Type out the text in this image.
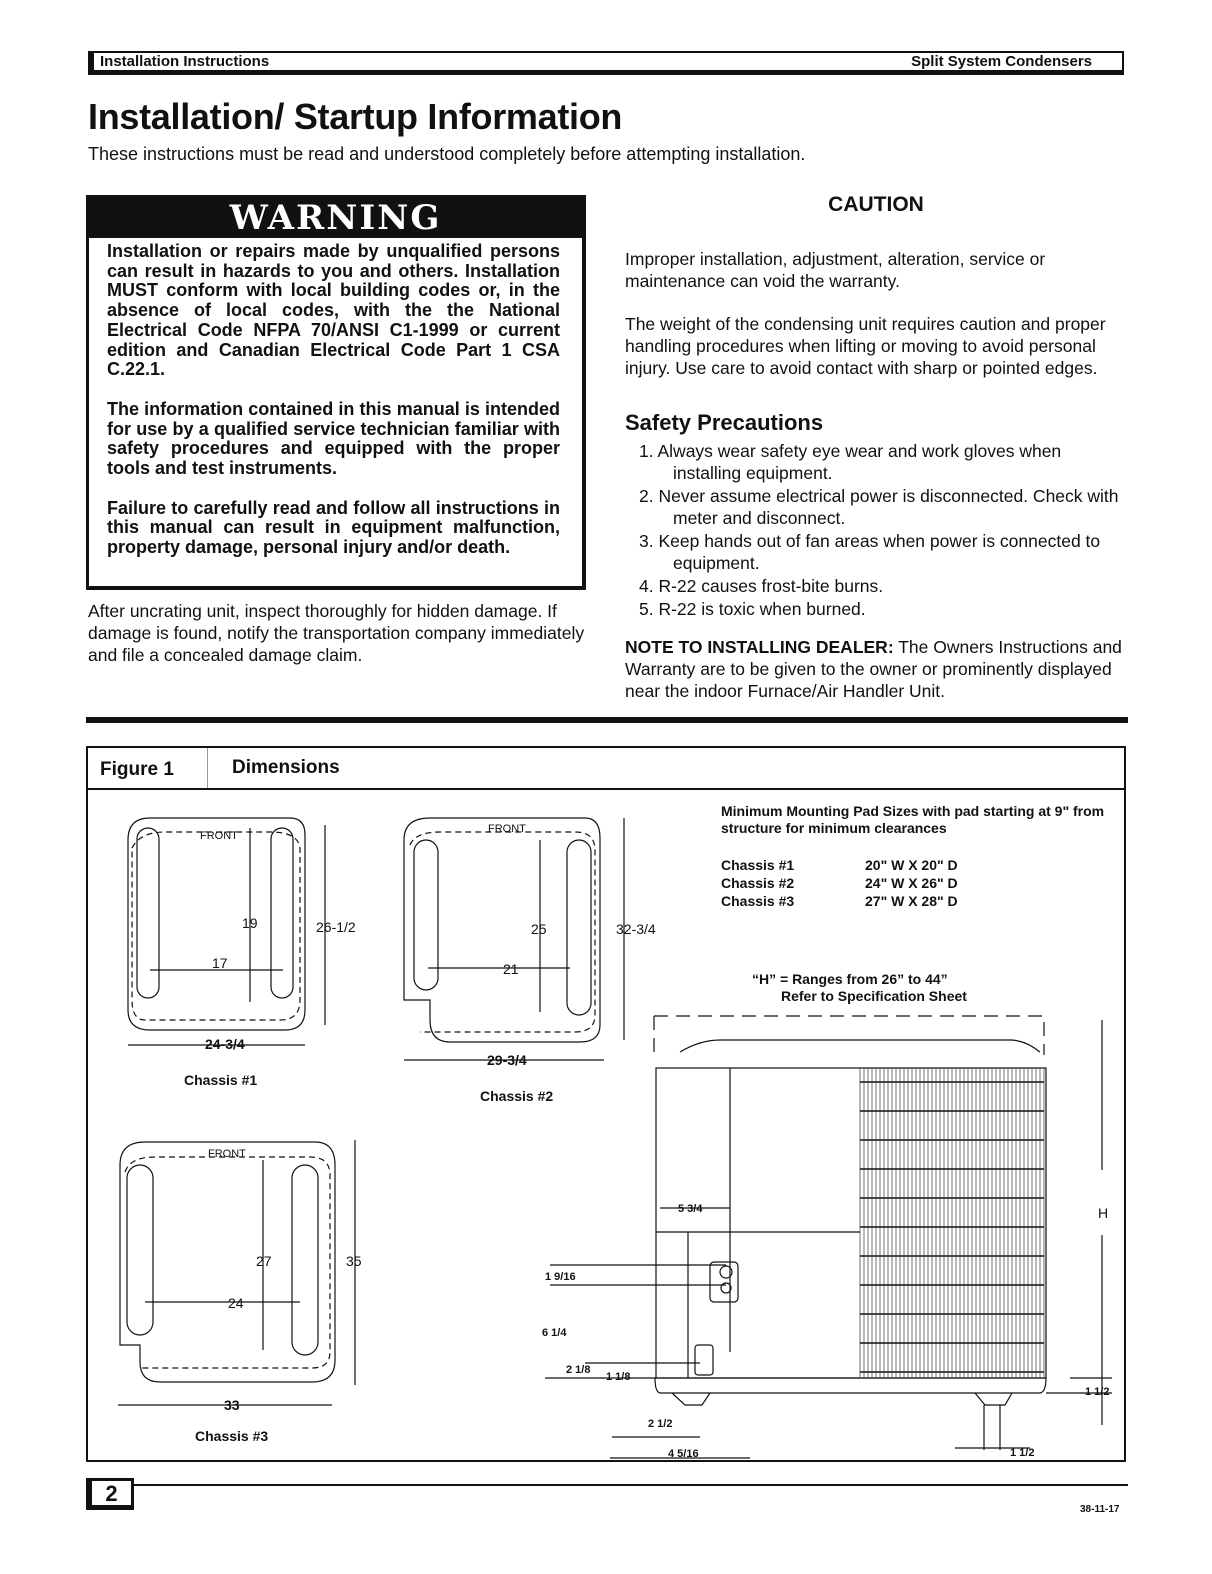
Installation Instructions	Split System Condensers
Installation/ Startup Information
These instructions must be read and understood completely before attempting installation.
WARNING

Installation or repairs made by unqualified persons can result in hazards to you and others. Installation MUST conform with local building codes or, in the absence of local codes, with the the National Electrical Code NFPA 70/ANSI C1-1999 or current edition and Canadian Electrical Code Part 1 CSA C.22.1.

The information contained in this manual is intended for use by a qualified service technician familiar with safety procedures and equipped with the proper tools and test instruments.

Failure to carefully read and follow all instructions in this manual can result in equipment malfunction, property damage, personal injury and/or death.

After uncrating unit, inspect thoroughly for hidden damage. If damage is found, notify the transportation company immediately and file a concealed damage claim.
CAUTION
Improper installation, adjustment, alteration, service or maintenance can void the warranty.
The weight of the condensing unit requires caution and proper handling procedures when lifting or moving to avoid personal injury. Use care to avoid contact with sharp or pointed edges.
Safety Precautions
1. Always wear safety eye wear and work gloves when installing equipment.
2. Never assume electrical power is disconnected. Check with meter and disconnect.
3. Keep hands out of fan areas when power is connected to equipment.
4. R-22 causes frost-bite burns.
5. R-22 is toxic when burned.
NOTE TO INSTALLING DEALER: The Owners Instructions and Warranty are to be given to the owner or prominently displayed near the indoor Furnace/Air Handler Unit.
Figure 1	Dimensions
FRONT
19
17
26-1/2
24-3/4
Chassis #1
FRONT
25
21
32-3/4
29-3/4
Chassis #2
FRONT
27
24
35
33
Chassis #3
Chassis #1	20" W X 20" D
Chassis #2	24" W X 26" D
Chassis #3	27" W X 28" D
“H” = Ranges from 26” to 44”
Refer to Specification Sheet
H
5 3/4
1 9/16
6 1/4
2 1/8
1 1/8
2 1/2
4 5/16
1 1/2
1 1/2
Minimum Mounting Pad Sizes with pad starting at 9" from structure for minimum clearances
2
38-11-17
